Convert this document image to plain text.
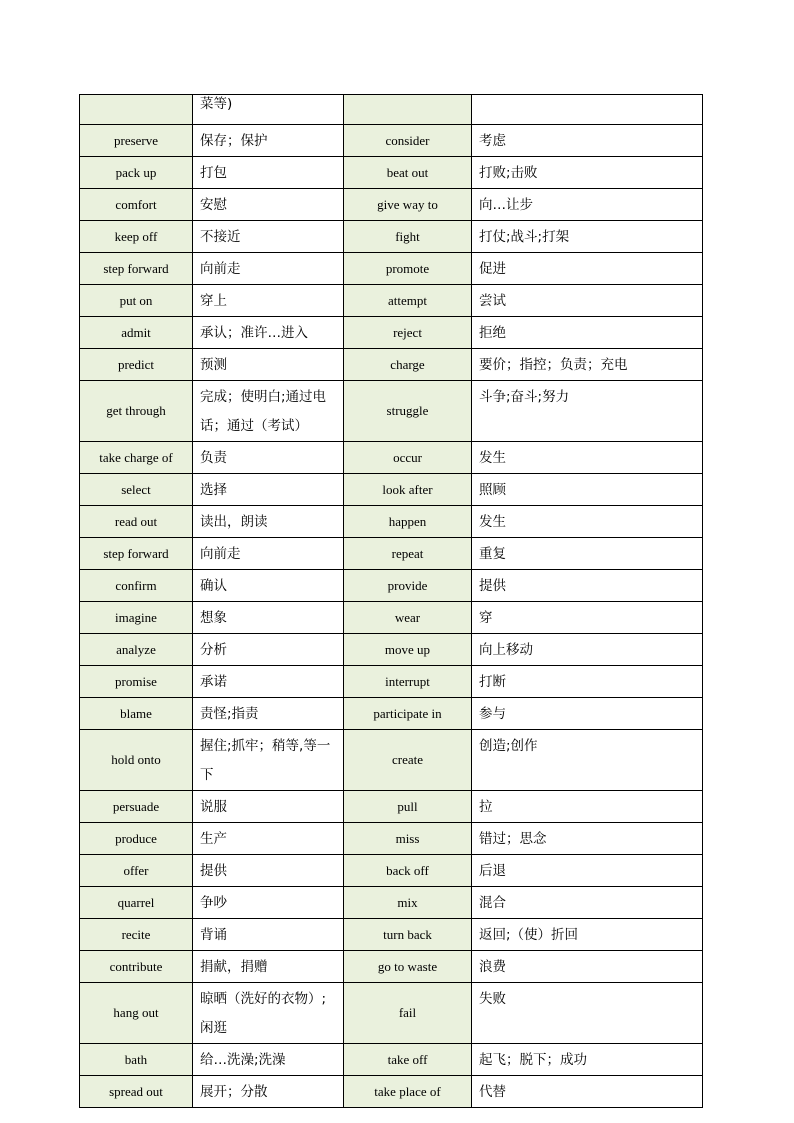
	菜等)		
preserve	保存；保护	consider	考虑
pack up	打包	beat out	打败;击败
comfort	安慰	give way to	向…让步
keep off	不接近	fight	打仗;战斗;打架
step forward	向前走	promote	促进
put on	穿上	attempt	尝试
admit	承认；准许…进入	reject	拒绝
predict	预测	charge	要价；指控；负责；充电
get through	完成；使明白;通过电话；通过（考试）	struggle	斗争;奋斗;努力
take charge of	负责	occur	发生
select	选择	look after	照顾
read out	读出，朗读	happen	发生
step forward	向前走	repeat	重复
confirm	确认	provide	提供
imagine	想象	wear	穿
analyze	分析	move up	向上移动
promise	承诺	interrupt	打断
blame	责怪;指责	participate in	参与
hold onto	握住;抓牢；稍等,等一下	create	创造;创作
persuade	说服	pull	拉
produce	生产	miss	错过；思念
offer	提供	back off	后退
quarrel	争吵	mix	混合
recite	背诵	turn back	返回;（使）折回
contribute	捐献，捐赠	go to waste	浪费
hang out	晾晒（洗好的衣物）;闲逛	fail	失败
bath	给…洗澡;洗澡	take off	起飞；脱下；成功
spread out	展开；分散	take place of	代替
